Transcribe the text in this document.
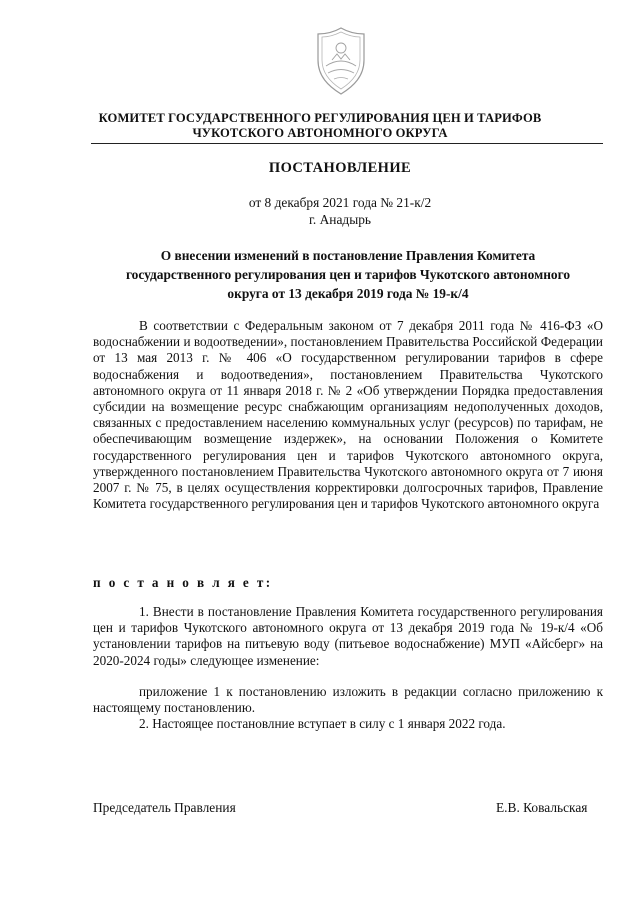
КОМИТЕТ ГОСУДАРСТВЕННОГО РЕГУЛИРОВАНИЯ ЦЕН И ТАРИФОВ
ЧУКОТСКОГО АВТОНОМНОГО ОКРУГА
ПОСТАНОВЛЕНИЕ
от 8 декабря 2021 года № 21-к/2
г. Анадырь
О внесении изменений в постановление Правления Комитета
государственного регулирования цен и тарифов Чукотского автономного
округа от 13 декабря 2019 года № 19-к/4
В соответствии с Федеральным законом от 7 декабря 2011 года № 416-ФЗ «О водоснабжении и водоотведении», постановлением Правительства Российской Федерации от 13 мая 2013 г. № 406 «О государственном регулировании тарифов в сфере водоснабжения и водоотведения», постановлением Правительства Чукотского автономного округа от 11 января 2018 г. № 2 «Об утверждении Порядка предоставления субсидии на возмещение ресурс снабжающим организациям недополученных доходов, связанных с предоставлением населению коммунальных услуг (ресурсов) по тарифам, не обеспечивающим возмещение издержек», на основании Положения о Комитете государственного регулирования цен и тарифов Чукотского автономного округа, утвержденного постановлением Правительства Чукотского автономного округа от 7 июня 2007 г. № 75, в целях осуществления корректировки долгосрочных тарифов, Правление Комитета государственного регулирования цен и тарифов Чукотского автономного округа
п о с т а н о в л я е т:
1. Внести в постановление Правления Комитета государственного регулирования цен и тарифов Чукотского автономного округа от 13 декабря 2019 года № 19-к/4 «Об установлении тарифов на питьевую воду (питьевое водоснабжение) МУП «Айсберг» на 2020-2024 годы» следующее изменение:
приложение 1 к постановлению изложить в редакции согласно приложению к настоящему постановлению.
2. Настоящее постановлние вступает в силу с 1 января 2022 года.
Председатель Правления	Е.В. Ковальская
